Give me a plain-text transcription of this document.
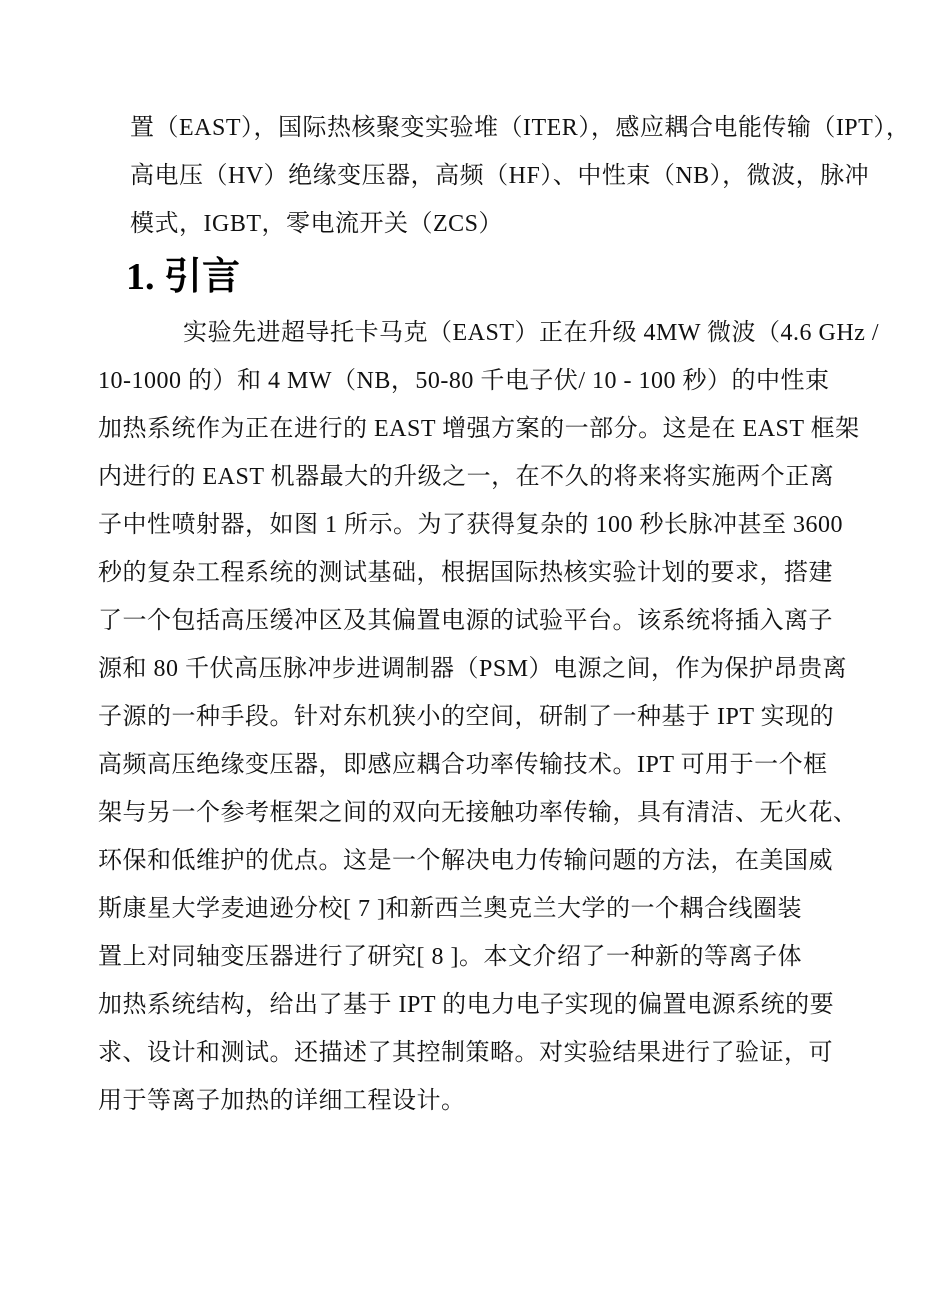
置（EAST），国际热核聚变实验堆（ITER），感应耦合电能传输（IPT），
高电压（HV）绝缘变压器，高频（HF）、中性束（NB），微波，脉冲
模式，IGBT，零电流开关（ZCS）
1. 引言
实验先进超导托卡马克（EAST）正在升级 4MW 微波（4.6 GHz /
10-1000 的）和 4 MW（NB，50-80 千电子伏/ 10 - 100 秒）的中性束
加热系统作为正在进行的 EAST 增强方案的一部分。这是在 EAST 框架
内进行的 EAST 机器最大的升级之一，在不久的将来将实施两个正离
子中性喷射器，如图 1 所示。为了获得复杂的 100 秒长脉冲甚至 3600
秒的复杂工程系统的测试基础，根据国际热核实验计划的要求，搭建
了一个包括高压缓冲区及其偏置电源的试验平台。该系统将插入离子
源和 80 千伏高压脉冲步进调制器（PSM）电源之间，作为保护昂贵离
子源的一种手段。针对东机狭小的空间，研制了一种基于 IPT 实现的
高频高压绝缘变压器，即感应耦合功率传输技术。IPT 可用于一个框
架与另一个参考框架之间的双向无接触功率传输，具有清洁、无火花、
环保和低维护的优点。这是一个解决电力传输问题的方法，在美国威
斯康星大学麦迪逊分校[ 7 ]和新西兰奥克兰大学的一个耦合线圈装
置上对同轴变压器进行了研究[ 8 ]。本文介绍了一种新的等离子体
加热系统结构，给出了基于 IPT 的电力电子实现的偏置电源系统的要
求、设计和测试。还描述了其控制策略。对实验结果进行了验证，可
用于等离子加热的详细工程设计。
